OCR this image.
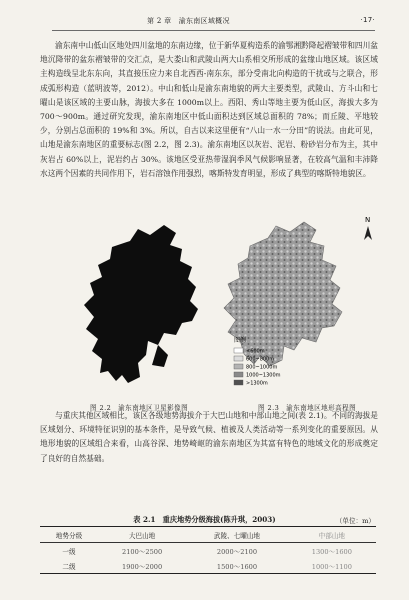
第 2 章　渝东南区域概况	·17·

渝东南中山低山区地处四川盆地的东南边缘，位于新华夏构造系的渝鄂湘黔降起褶皱带和四川盆地沉降带的盆东褶皱带的交汇点，是大娄山和武陵山两大山系相交所形成的盆缘山地区域。该区域主构造线呈北东东向，其直接压应力来自北西西-南东东，部分受南北向构造的干扰或与之联合，形成弧形构造（蓝明波等，2012）。中山和低山是渝东南地貌的两大主要类型，武陵山、方斗山和七曜山是该区域的主要山脉，海拔大多在 1000m以上。西阳、秀山等地主要为低山区，海拔大多为 700～900m。通过研究发现，渝东南地区中低山面积达到区域总面积的 78%；而丘陵、平地较少，分别占总面积的 19%和 3%。所以，自古以来这里便有“八山一水一分田”的说法。由此可见，山地是渝东南地区的重要标志(图 2.2，图 2.3)。渝东南地区以灰岩、泥岩、粉砂岩分布为主，其中灰岩占 60%以上，泥岩约占 30%。该地区受亚热带湿润季风气候影响显著，在较高气温和丰沛降水这两个因素的共同作用下，岩石溶蚀作用强烈，喀斯特发育明显，形成了典型的喀斯特地貌区。

N
图例
<600m
600~800m
800~1000m
1000~1300m
>1300m
图 2.2　渝东南地区卫星影像图	图 2.3　渝东南地区地形高程图

与重庆其他区域相比，该区各级地势海拔介于大巴山地和中部山地之间(表 2.1)。不同的海拔是区域划分、环境特征识别的基本条件，是导致气候、植被及人类活动等一系列变化的重要原因。从地形地貌的区域组合来看，山高谷深、地势崎岖的渝东南地区为其富有特色的地域文化的形成奠定了良好的自然基础。

表 2.1　重庆地势分级海拔(陈升琪，2003)	（单位：m）
地势分级	大巴山地	武陵、七曜山地	中部山地
一级	2100～2500	2000～2100	1300～1600
二级	1900～2000	1500～1600	1000～1100
